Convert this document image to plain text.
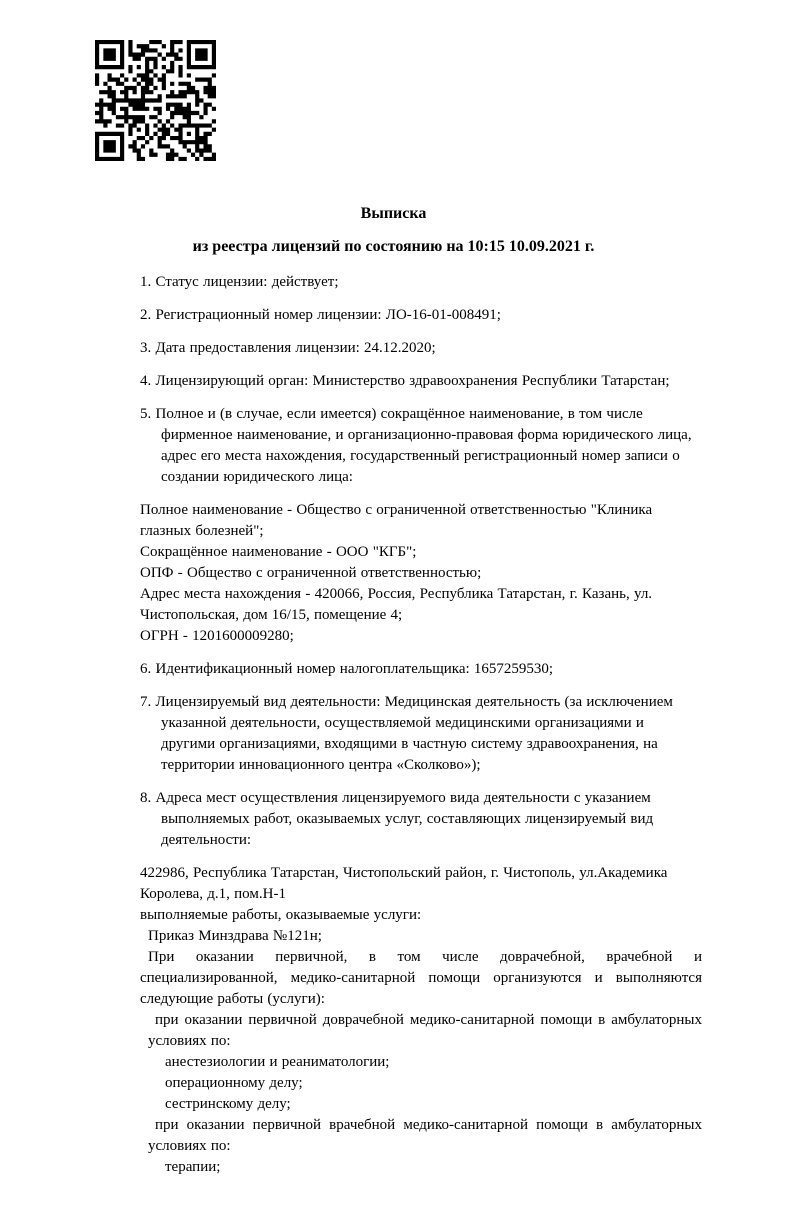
Выписка
из реестра лицензий по состоянию на 10:15 10.09.2021 г.
1. Статус лицензии: действует;
2. Регистрационный номер лицензии: ЛО-16-01-008491;
3. Дата предоставления лицензии: 24.12.2020;
4. Лицензирующий орган: Министерство здравоохранения Республики Татарстан;
5. Полное и (в случае, если имеется) сокращённое наименование, в том числе фирменное наименование, и организационно-правовая форма юридического лица, адрес его места нахождения, государственный регистрационный номер записи о создании юридического лица:
Полное наименование - Общество с ограниченной ответственностью "Клиника глазных болезней";
Сокращённое наименование - ООО "КГБ";
ОПФ - Общество с ограниченной ответственностью;
Адрес места нахождения - 420066, Россия, Республика Татарстан, г. Казань, ул. Чистопольская, дом 16/15, помещение 4;
ОГРН - 1201600009280;
6. Идентификационный номер налогоплательщика: 1657259530;
7. Лицензируемый вид деятельности: Медицинская деятельность (за исключением указанной деятельности, осуществляемой медицинскими организациями и другими организациями, входящими в частную систему здравоохранения, на территории инновационного центра «Сколково»);
8. Адреса мест осуществления лицензируемого вида деятельности с указанием выполняемых работ, оказываемых услуг, составляющих лицензируемый вид деятельности:
422986, Республика Татарстан, Чистопольский район, г. Чистополь, ул.Академика Королева, д.1, пом.Н-1
выполняемые работы, оказываемые услуги:
Приказ Минздрава №121н;
При оказании первичной, в том числе доврачебной, врачебной и специализированной, медико-санитарной помощи организуются и выполняются следующие работы (услуги):
при оказании первичной доврачебной медико-санитарной помощи в амбулаторных условиях по:
анестезиологии и реаниматологии;
операционному делу;
сестринскому делу;
при оказании первичной врачебной медико-санитарной помощи в амбулаторных условиях по:
терапии;
